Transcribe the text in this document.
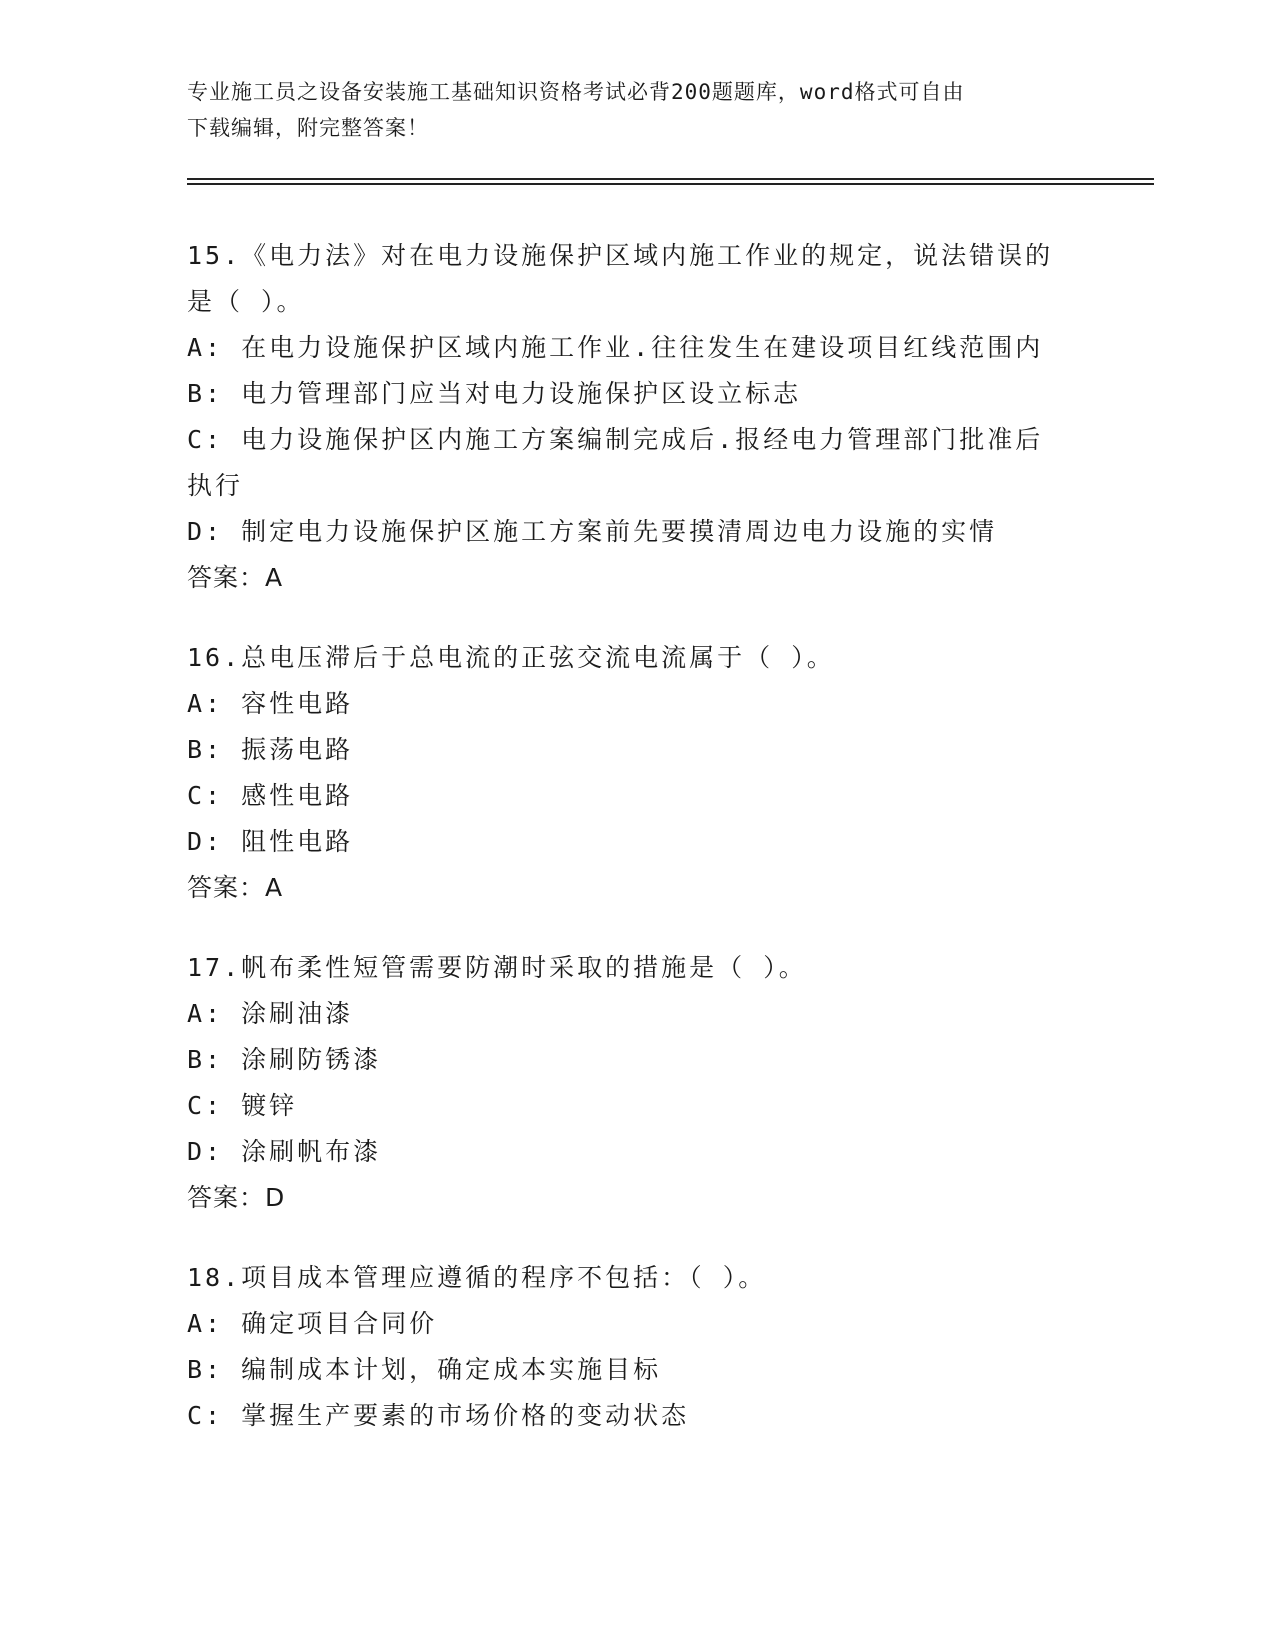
专业施工员之设备安装施工基础知识资格考试必背200题题库，word格式可自由
下载编辑，附完整答案！
15.《电力法》对在电力设施保护区域内施工作业的规定，说法错误的
是（ ）。
A: 在电力设施保护区域内施工作业.往往发生在建设项目红线范围内
B: 电力管理部门应当对电力设施保护区设立标志
C: 电力设施保护区内施工方案编制完成后.报经电力管理部门批准后
执行
D: 制定电力设施保护区施工方案前先要摸清周边电力设施的实情
答案：A
16.总电压滞后于总电流的正弦交流电流属于（ ）。
A: 容性电路
B: 振荡电路
C: 感性电路
D: 阻性电路
答案：A
17.帆布柔性短管需要防潮时采取的措施是（ ）。
A: 涂刷油漆
B: 涂刷防锈漆
C: 镀锌
D: 涂刷帆布漆
答案：D
18.项目成本管理应遵循的程序不包括：（ ）。
A: 确定项目合同价
B: 编制成本计划，确定成本实施目标
C: 掌握生产要素的市场价格的变动状态
